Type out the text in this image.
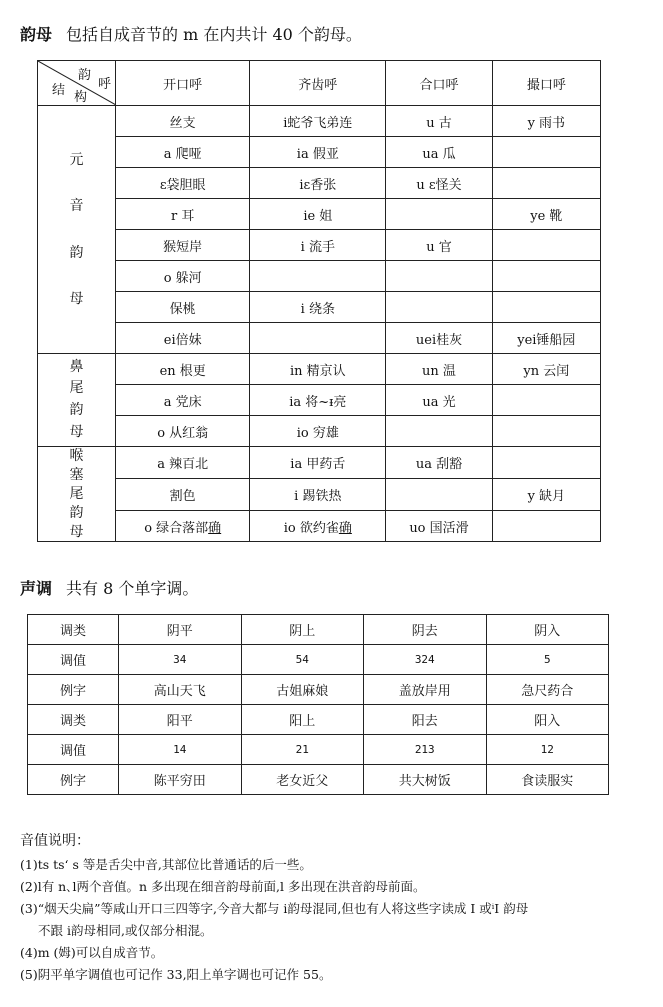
韵母 包括自成音节的 m 在内共计 40 个韵母。
韵
呼
结 构	开口呼	齐齿呼	合口呼	撮口呼

元音韵母	丝支	i蛇爷飞弟连	u 古	y 雨书
	a 爬哑	ia 假亚	ua 瓜	
	ɛ袋胆眼	iɛ香张	u ɛ怪关	
	r 耳	ie 姐		ye 靴
	猴短岸	i 流手	u 官	
	o 躲河			
	保桃	i 绕条		
	ei倍妹		uei桂灰	yei锤船园

鼻尾韵母	en 根更	in 精京认	un 温	yn 云闰
	a 党床	ia 将~ᵻ亮	ua 光	
	o 从红翁	io 穷雄		

喉塞尾韵母	a 辣百北	ia 甲药舌	ua 刮豁	
	割色	i 踢铁热		y 缺月
	o 绿合落部确	io 欲约雀确	uo 国活滑	
声调 共有 8 个单字调。
调类	阴平	阴上	阴去	阴入
调值	34	54	324	5
例字	高山天飞	古姐麻娘	盖放岸用	急尺药合
调类	阳平	阳上	阳去	阳入
调值	14	21	213	12
例字	陈平穷田	老女近父	共大树饭	食读服实
音值说明：
(1)ts ts‘ s 等是舌尖中音,其部位比普通话的后一些。
(2)l有 n､l两个音值。n 多出现在细音韵母前面,l 多出现在洪音韵母前面。
(3)“烟天尖扁”等咸山开口三四等字,今音大都与 i韵母混同,但也有人将这些字读成 I 或ⁱI 韵母
不跟 i韵母相同,或仅部分相混。
(4)m (姆)可以自成音节。
(5)阴平单字调值也可记作 33,阳上单字调也可记作 55。
